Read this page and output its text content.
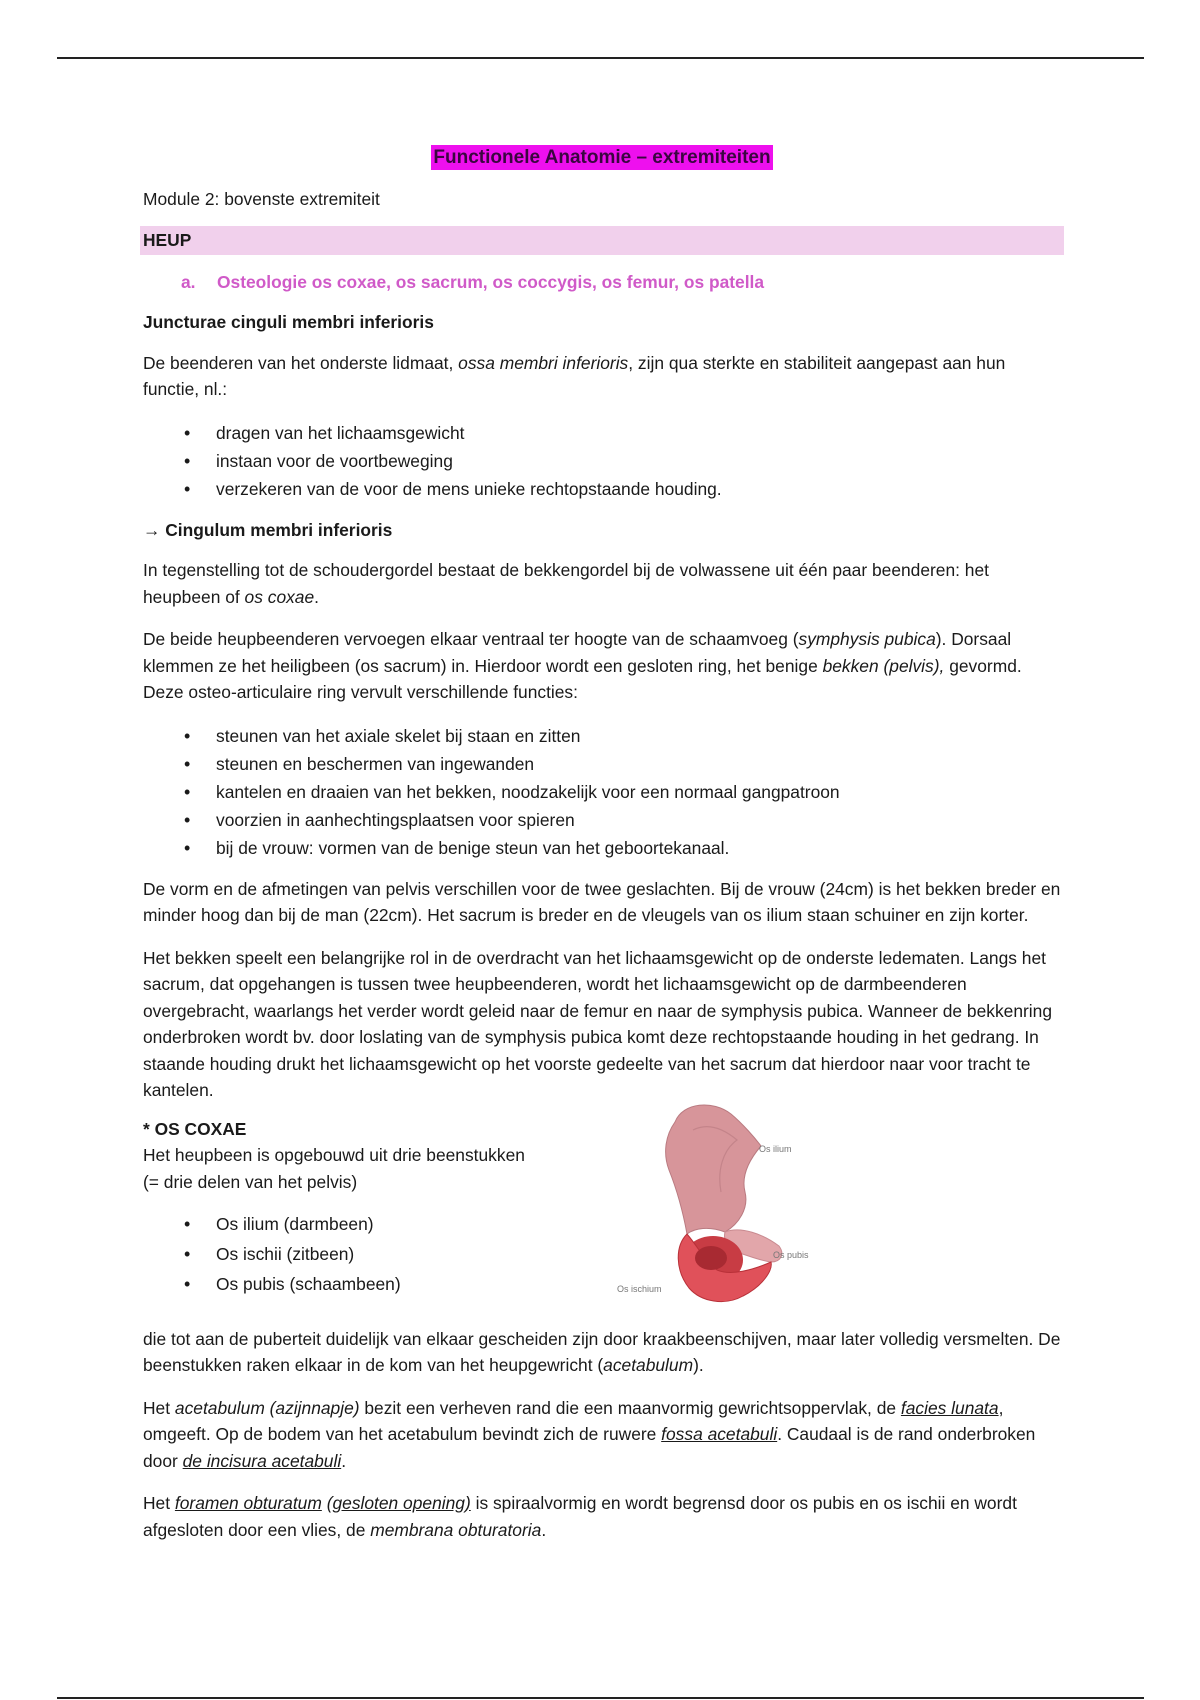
Functionele Anatomie – extremiteiten

Module 2: bovenste extremiteit

HEUP
a. Osteologie os coxae, os sacrum, os coccygis, os femur, os patella
Juncturae cinguli membri inferioris

De beenderen van het onderste lidmaat, ossa membri inferioris, zijn qua sterkte en stabiliteit aangepast aan hun functie, nl.:

• dragen van het lichaamsgewicht
• instaan voor de voortbeweging
• verzekeren van de voor de mens unieke rechtopstaande houding.
→ Cingulum membri inferioris

In tegenstelling tot de schoudergordel bestaat de bekkengordel bij de volwassene uit één paar beenderen: het heupbeen of os coxae.

De beide heupbeenderen vervoegen elkaar ventraal ter hoogte van de schaamvoeg (symphysis pubica). Dorsaal klemmen ze het heiligbeen (os sacrum) in. Hierdoor wordt een gesloten ring, het benige bekken (pelvis), gevormd. Deze osteo-articulaire ring vervult verschillende functies:

• steunen van het axiale skelet bij staan en zitten
• steunen en beschermen van ingewanden
• kantelen en draaien van het bekken, noodzakelijk voor een normaal gangpatroon
• voorzien in aanhechtingsplaatsen voor spieren
• bij de vrouw: vormen van de benige steun van het geboortekanaal.

De vorm en de afmetingen van pelvis verschillen voor de twee geslachten. Bij de vrouw (24cm) is het bekken breder en minder hoog dan bij de man (22cm). Het sacrum is breder en de vleugels van os ilium staan schuiner en zijn korter.

Het bekken speelt een belangrijke rol in de overdracht van het lichaamsgewicht op de onderste ledematen. Langs het sacrum, dat opgehangen is tussen twee heupbeenderen, wordt het lichaamsgewicht op de darmbeenderen overgebracht, waarlangs het verder wordt geleid naar de femur en naar de symphysis pubica. Wanneer de bekkenring onderbroken wordt bv. door loslating van de symphysis pubica komt deze rechtopstaande houding in het gedrang. In staande houding drukt het lichaamsgewicht op het voorste gedeelte van het sacrum dat hierdoor naar voor tracht te kantelen.

* OS COXAE
Het heupbeen is opgebouwd uit drie beenstukken
(= drie delen van het pelvis)
• Os ilium (darmbeen)
• Os ischii (zitbeen)
• Os pubis (schaambeen)
Os ilium
Os pubis
Os ischium

die tot aan de puberteit duidelijk van elkaar gescheiden zijn door kraakbeenschijven, maar later volledig versmelten. De beenstukken raken elkaar in de kom van het heupgewricht (acetabulum).

Het acetabulum (azijnnapje) bezit een verheven rand die een maanvormig gewrichtsoppervlak, de facies lunata, omgeeft. Op de bodem van het acetabulum bevindt zich de ruwere fossa acetabuli. Caudaal is de rand onderbroken door de incisura acetabuli.

Het foramen obturatum (gesloten opening) is spiraalvormig en wordt begrensd door os pubis en os ischii en wordt afgesloten door een vlies, de membrana obturatoria.
